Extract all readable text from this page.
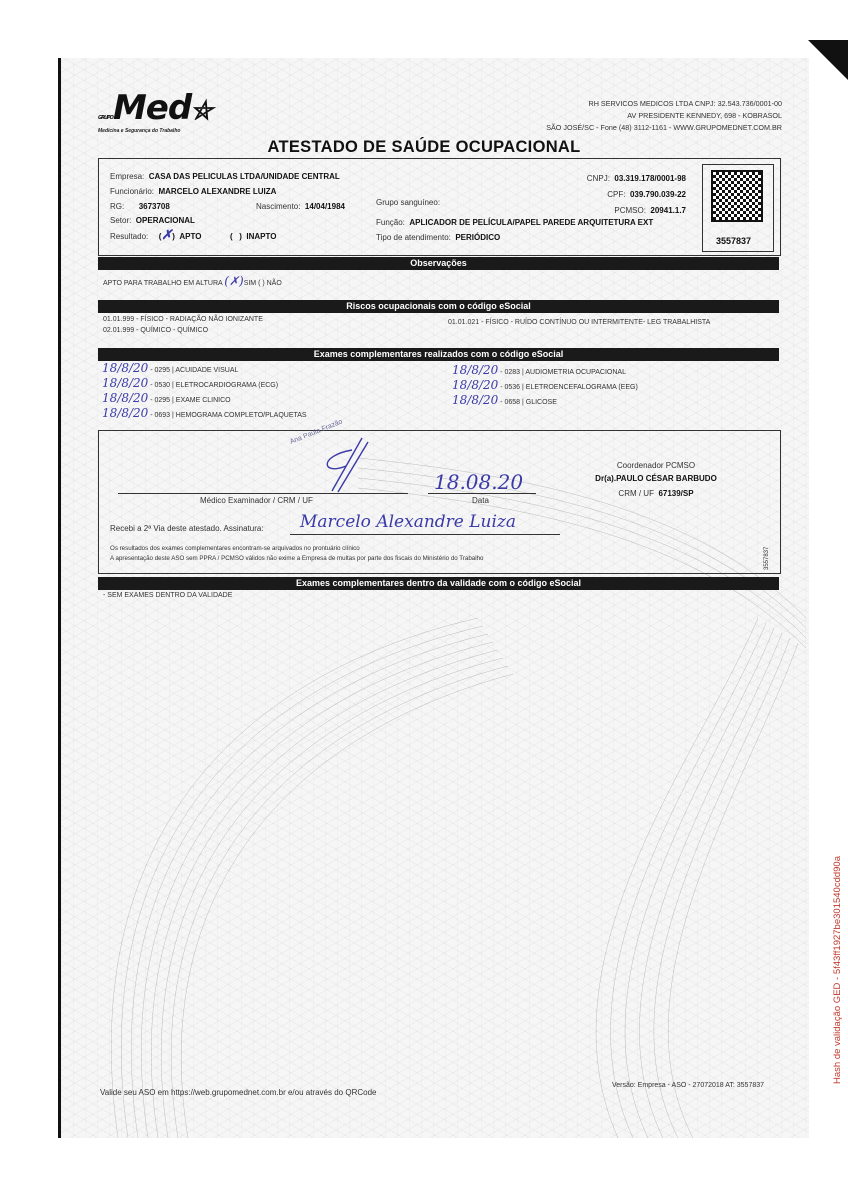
GRUPOMed⛥
Medicina e Segurança do Trabalho
RH SERVICOS MEDICOS LTDA CNPJ: 32.543.736/0001-00
AV PRESIDENTE KENNEDY, 698 - KOBRASOL
SÃO JOSÉ/SC - Fone (48) 3112-1161 - WWW.GRUPOMEDNET.COM.BR
ATESTADO DE SAÚDE OCUPACIONAL
Empresa: CASA DAS PELICULAS LTDA/UNIDADE CENTRAL
Funcionário: MARCELO ALEXANDRE LUIZA
RG: 3673708	Nascimento: 14/04/1984	Grupo sanguíneo:
Setor: OPERACIONAL	Função: APLICADOR DE PELÍCULA/PAPEL PAREDE ARQUITETURA EXT
Resultado: (✗) APTO	(   ) INAPTO	Tipo de atendimento: PERIÓDICO
CNPJ: 03.319.178/0001-98
CPF: 039.790.039-22
PCMSO: 20941.1.7
3557837
Observações
APTO PARA TRABALHO EM ALTURA (✗)SIM ( ) NÃO
Riscos ocupacionais com o código eSocial
01.01.999 - FÍSICO - RADIAÇÃO NÃO IONIZANTE
02.01.999 - QUÍMICO - QUÍMICO
01.01.021 - FÍSICO - RUÍDO CONTÍNUO OU INTERMITENTE- LEG TRABALHISTA
Exames complementares realizados com o código eSocial
18/8/20 - 0295 | ACUIDADE VISUAL
18/8/20 - 0530 | ELETROCARDIOGRAMA (ECG)
18/8/20 - 0295 | EXAME CLINICO
18/8/20 - 0693 | HEMOGRAMA COMPLETO/PLAQUETAS
18/8/20 - 0283 | AUDIOMETRIA OCUPACIONAL
18/8/20 - 0536 | ELETROENCEFALOGRAMA (EEG)
18/8/20 - 0658 | GLICOSE
Ana Paula Frazão
Médico Examinador / CRM / UF
18.08.20
Data
Coordenador PCMSO
Dr(a).PAULO CÉSAR BARBUDO
CRM / UF 67139/SP
Recebi a 2ª Via deste atestado. Assinatura: Marcelo Alexandre Luiza
Os resultados dos exames complementares encontram-se arquivados no prontuário clínico
A apresentação deste ASO sem PPRA / PCMSO válidos não exime a Empresa de multas por parte dos fiscais do Ministério do Trabalho	3557837
Exames complementares dentro da validade com o código eSocial
- SEM EXAMES DENTRO DA VALIDADE
Valide seu ASO em https://web.grupomednet.com.br e/ou através do QRCode
Versão: Empresa - ASO - 27072018 AT: 3557837
Hash de validação GED - 5f43ff1927be301540cdd90a
